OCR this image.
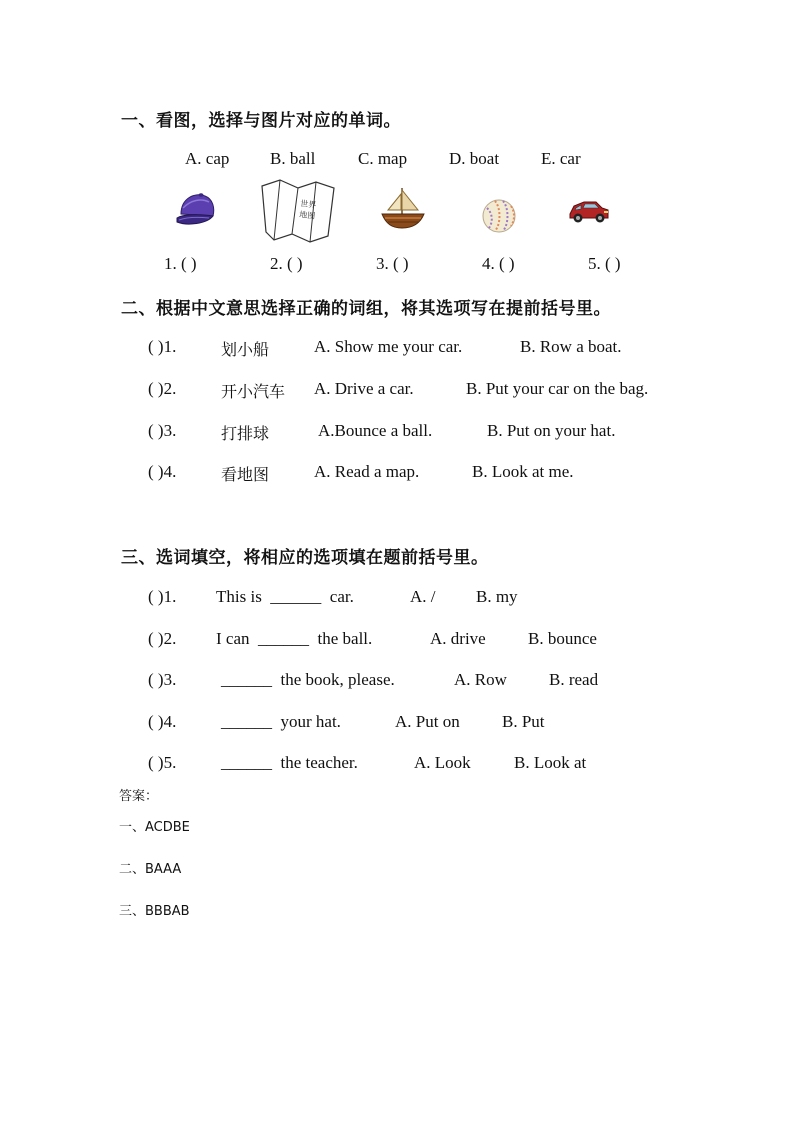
一、看图，选择与图片对应的单词。
A. cap B. ball	C. map D. boat E. car
世界
地图
1. ( )	2. ( )	3. ( )	4. ( )	5. ( )
二、根据中文意思选择正确的词组，将其选项写在提前括号里。
( )1.	划小船	A. Show me your car.	B. Row a boat.
( )2.	开小汽车 A. Drive a car.	B. Put your car on the bag.
( )3.	打排球	A.Bounce a ball.	B. Put on your hat.
( )4.	看地图	A. Read a map.	B. Look at me.
三、选词填空，将相应的选项填在题前括号里。
( )1. This is  ______  car.	A. / B. my
( )2. I can  ______  the ball.	A. drive B. bounce
( )3.	______  the book, please.	A. Row B. read
( )4.	______  your hat.	A. Put on B. Put
( )5.	______  the teacher.	A. Look	B. Look at
答案：
一、ACDBE
二、BAAA
三、BBBAB
